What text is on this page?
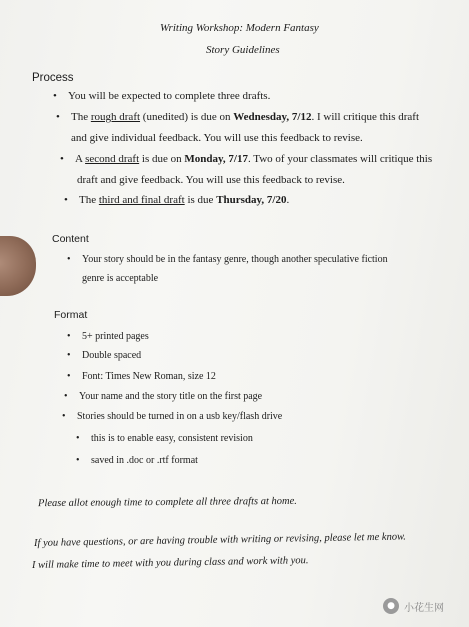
Writing Workshop: Modern Fantasy
Story Guidelines
Process
• You will be expected to complete three drafts.
• The rough draft (unedited) is due on Wednesday, 7/12. I will critique this draft
and give individual feedback. You will use this feedback to revise.
• A second draft is due on Monday, 7/17. Two of your classmates will critique this
draft and give feedback. You will use this feedback to revise.
• The third and final draft is due Thursday, 7/20.
Content
• Your story should be in the fantasy genre, though another speculative fiction
genre is acceptable
Format
• 5+ printed pages
• Double spaced
• Font: Times New Roman, size 12
• Your name and the story title on the first page
• Stories should be turned in on a usb key/flash drive
• this is to enable easy, consistent revision
• saved in .doc or .rtf format
Please allot enough time to complete all three drafts at home.
If you have questions, or are having trouble with writing or revising, please let me know.
I will make time to meet with you during class and work with you.
● 小花生网
